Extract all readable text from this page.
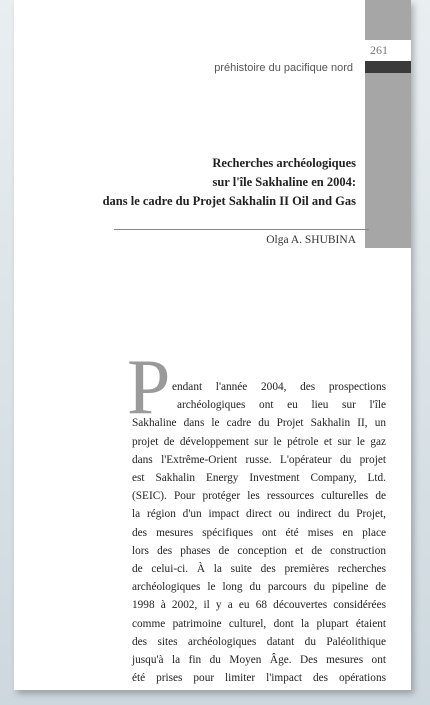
préhistoire du pacifique nord
261
Recherches archéologiques
sur l'île Sakhaline en 2004:
dans le cadre du Projet Sakhalin II Oil and Gas
Olga A. SHUBINA
P endant l'année 2004, des prospections
archéologiques ont eu lieu sur l'île
Sakhaline dans le cadre du Projet Sakhalin II, un
projet de développement sur le pétrole et sur le gaz
dans l'Extrême-Orient russe. L'opérateur du projet
est Sakhalin Energy Investment Company, Ltd.
(SEIC). Pour protéger les ressources culturelles de
la région d'un impact direct ou indirect du Projet,
des mesures spécifiques ont été mises en place
lors des phases de conception et de construction
de celui-ci. À la suite des premières recherches
archéologiques le long du parcours du pipeline de
1998 à 2002, il y a eu 68 découvertes considérées
comme patrimoine culturel, dont la plupart étaient
des sites archéologiques datant du Paléolithique
jusqu'à la fin du Moyen Âge. Des mesures ont
été prises pour limiter l'impact des opérations
